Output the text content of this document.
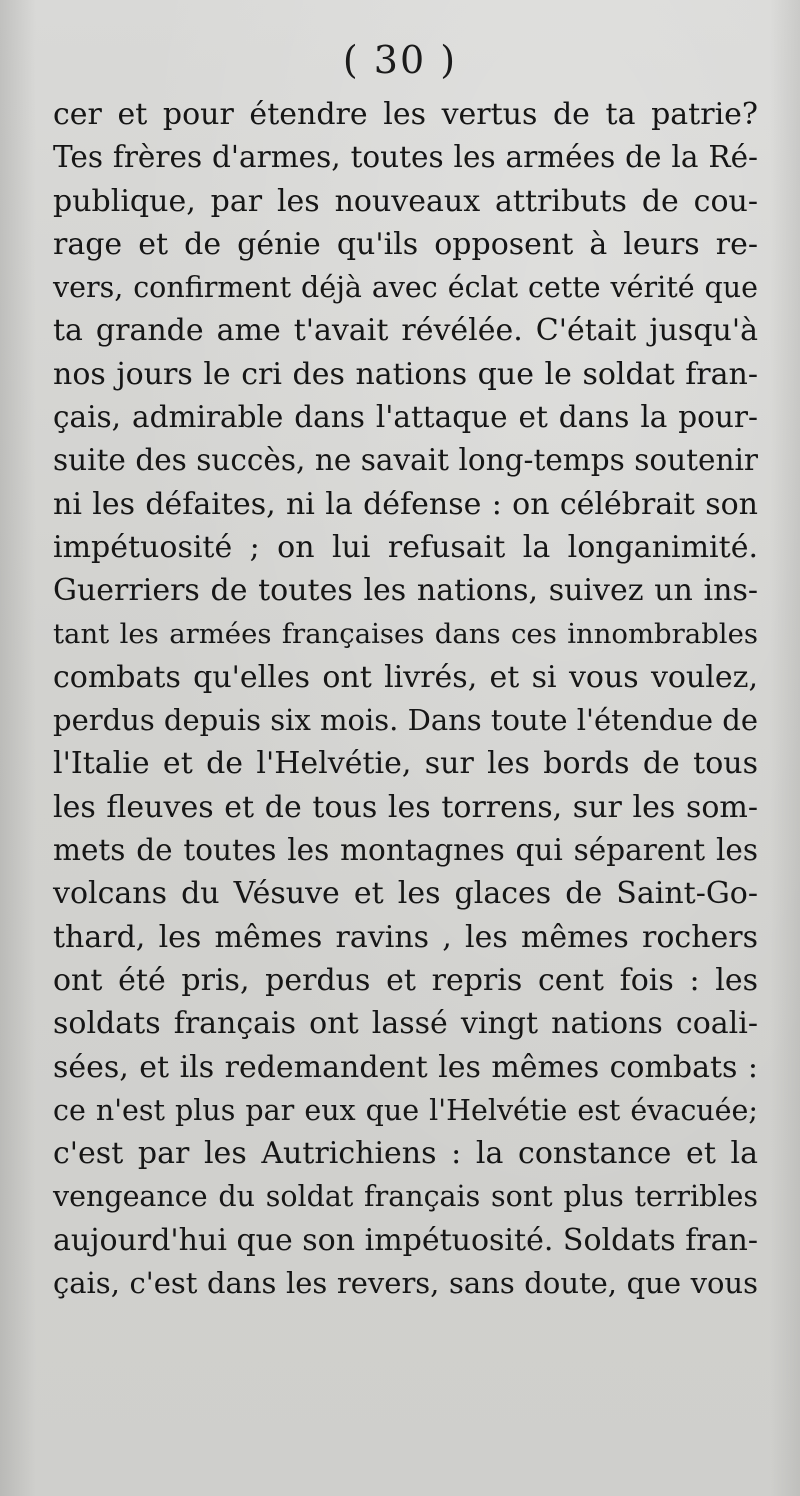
( 30 )
cer et pour étendre les vertus de ta patrie?
Tes frères d'armes, toutes les armées de la Ré-
publique, par les nouveaux attributs de cou-
rage et de génie qu'ils opposent à leurs re-
vers, confirment déjà avec éclat cette vérité que
ta grande ame t'avait révélée. C'était jusqu'à
nos jours le cri des nations que le soldat fran-
çais, admirable dans l'attaque et dans la pour-
suite des succès, ne savait long-temps soutenir
ni les défaites, ni la défense : on célébrait son
impétuosité ; on lui refusait la longanimité.
Guerriers de toutes les nations, suivez un ins-
tant les armées françaises dans ces innombrables
combats qu'elles ont livrés, et si vous voulez,
perdus depuis six mois. Dans toute l'étendue de
l'Italie et de l'Helvétie, sur les bords de tous
les fleuves et de tous les torrens, sur les som-
mets de toutes les montagnes qui séparent les
volcans du Vésuve et les glaces de Saint-Go-
thard, les mêmes ravins , les mêmes rochers
ont été pris, perdus et repris cent fois : les
soldats français ont lassé vingt nations coali-
sées, et ils redemandent les mêmes combats :
ce n'est plus par eux que l'Helvétie est évacuée;
c'est par les Autrichiens : la constance et la
vengeance du soldat français sont plus terribles
aujourd'hui que son impétuosité. Soldats fran-
çais, c'est dans les revers, sans doute, que vous
